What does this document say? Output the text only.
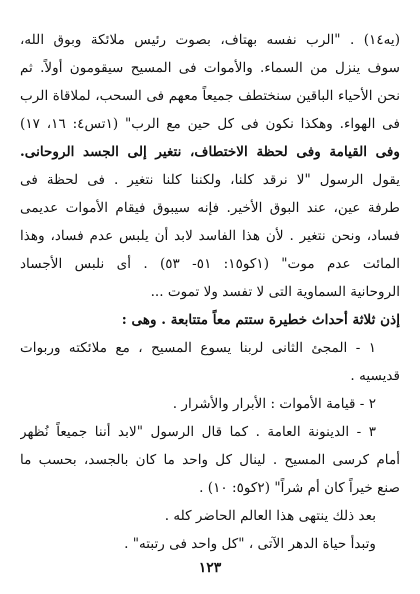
(يه١٤) . "الرب نفسه بهتاف، بصوت رئيس ملائكة وبوق الله،
سوف ينزل من السماء. والأموات فى المسيح سيقومون أولاً. ثم
نحن الأحياء الباقين سنختطف جميعاً معهم فى السحب، لملاقاة الرب
فى الهواء. وهكذا نكون فى كل حين مع الرب" (١تس٤: ١٦، ١٧)
وفى القيامة وفى لحظة الاختطاف، نتغير إلى الجسد الروحانى.
يقول الرسول "لا نرقد كلنا، ولكننا كلنا نتغير . فى لحظة فى
طرفة عين، عند البوق الأخير. فإنه سيبوق فيقام الأموات عديمى
فساد، ونحن نتغير . لأن هذا الفاسد لابد أن يلبس عدم فساد، وهذا
المائت عدم موت" (١كو١٥: ٥١- ٥٣) . أى نلبس الأجساد
الروحانية السماوية التى لا تفسد ولا تموت ...
إذن ثلاثة أحداث خطيرة ستتم معاً متتابعة . وهى :
١ - المجئ الثانى لربنا يسوع المسيح ، مع ملائكته وربوات
قديسيه .
٢ - قيامة الأموات : الأبرار والأشرار .
٣ - الدينونة العامة . كما قال الرسول "لابد أننا جميعاً نُظهر
أمام كرسى المسيح . لينال كل واحد ما كان بالجسد، بحسب ما
صنع خيراً كان أم شراً" (٢كو٥: ١٠) .
بعد ذلك ينتهى هذا العالم الحاضر كله .
وتبدأ حياة الدهر الآتى ، "كل واحد فى رتبته" .
١٢٣
